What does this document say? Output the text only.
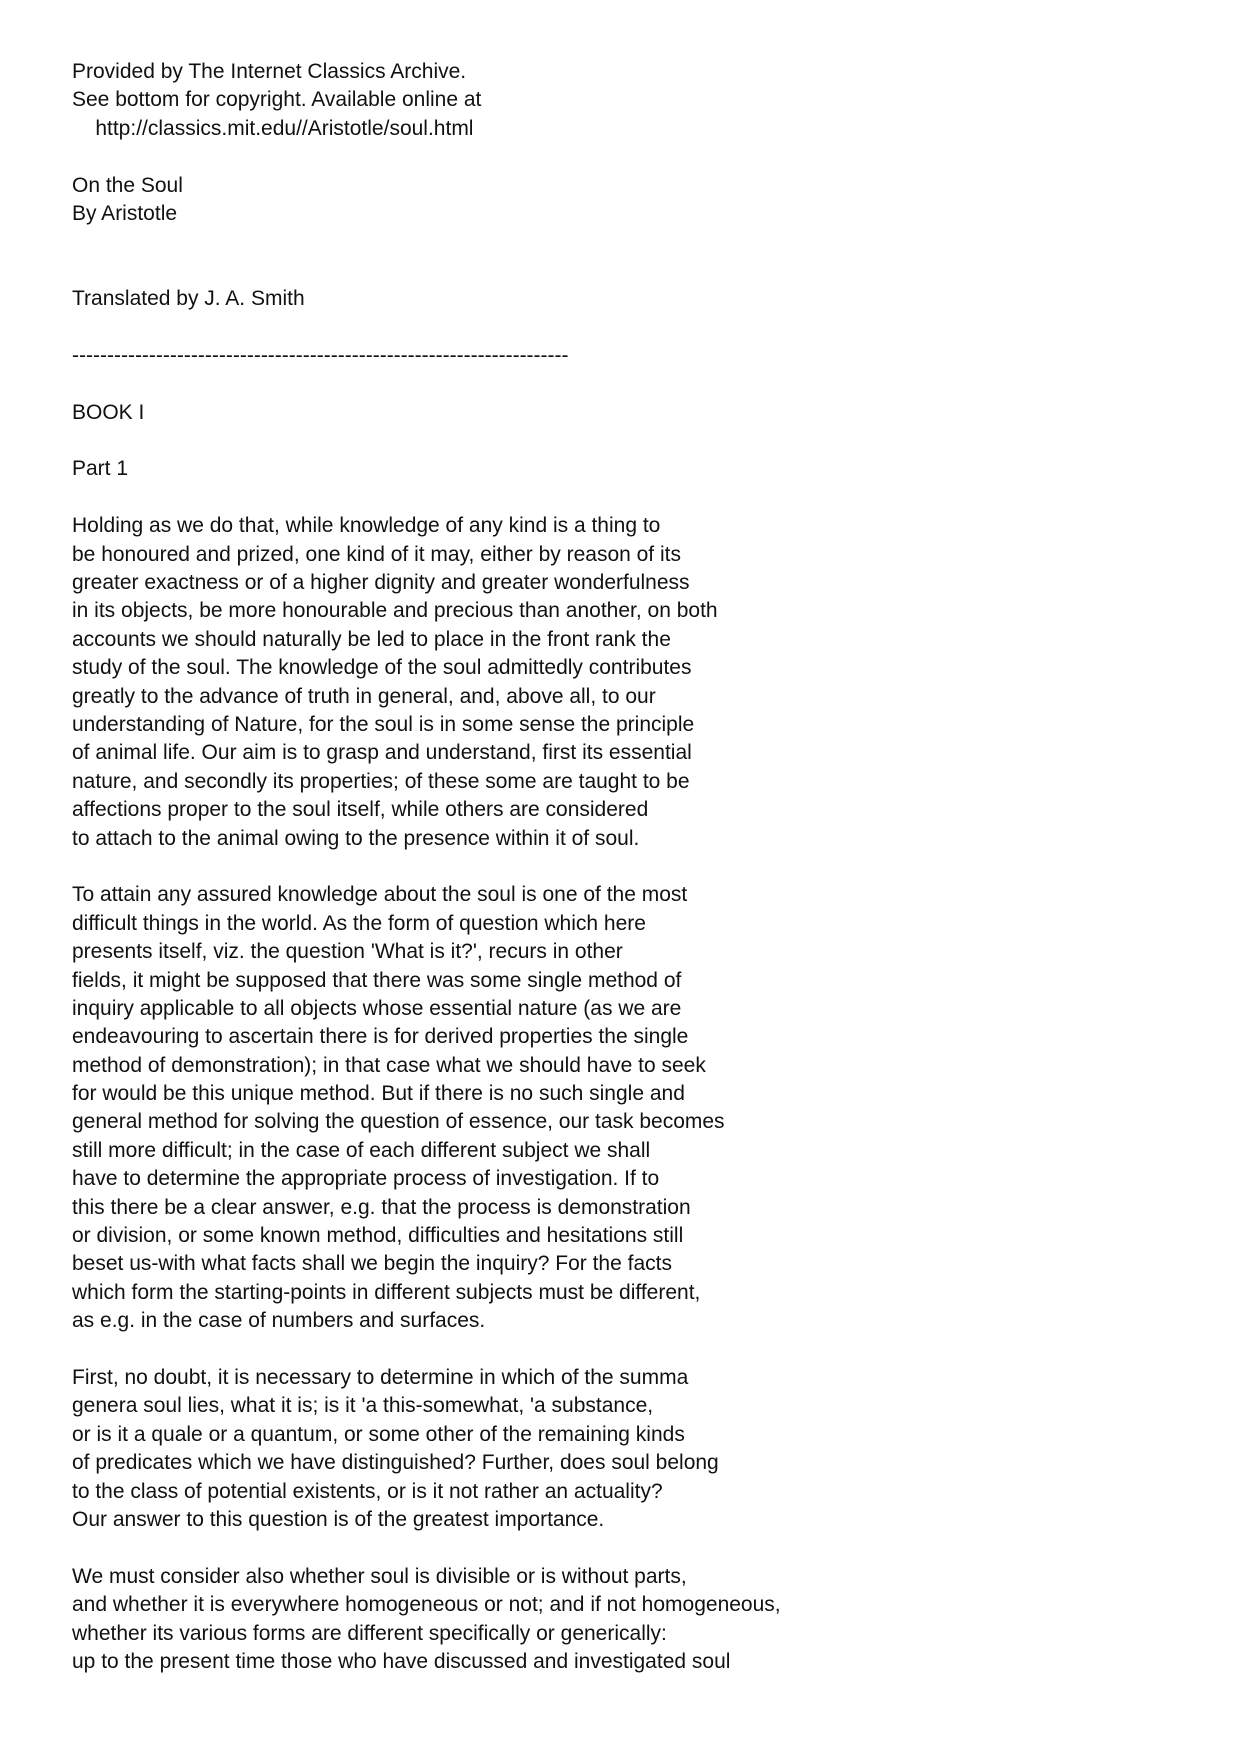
Provided by The Internet Classics Archive.
See bottom for copyright. Available online at
http://classics.mit.edu//Aristotle/soul.html
On the Soul
By Aristotle
Translated by J. A. Smith
-----------------------------------------------------------------------
BOOK I
Part 1
Holding as we do that, while knowledge of any kind is a thing to
be honoured and prized, one kind of it may, either by reason of its
greater exactness or of a higher dignity and greater wonderfulness
in its objects, be more honourable and precious than another, on both
accounts we should naturally be led to place in the front rank the
study of the soul. The knowledge of the soul admittedly contributes
greatly to the advance of truth in general, and, above all, to our
understanding of Nature, for the soul is in some sense the principle
of animal life. Our aim is to grasp and understand, first its essential
nature, and secondly its properties; of these some are taught to be
affections proper to the soul itself, while others are considered
to attach to the animal owing to the presence within it of soul.
To attain any assured knowledge about the soul is one of the most
difficult things in the world. As the form of question which here
presents itself, viz. the question 'What is it?', recurs in other
fields, it might be supposed that there was some single method of
inquiry applicable to all objects whose essential nature (as we are
endeavouring to ascertain there is for derived properties the single
method of demonstration); in that case what we should have to seek
for would be this unique method. But if there is no such single and
general method for solving the question of essence, our task becomes
still more difficult; in the case of each different subject we shall
have to determine the appropriate process of investigation. If to
this there be a clear answer, e.g. that the process is demonstration
or division, or some known method, difficulties and hesitations still
beset us-with what facts shall we begin the inquiry? For the facts
which form the starting-points in different subjects must be different,
as e.g. in the case of numbers and surfaces.
First, no doubt, it is necessary to determine in which of the summa
genera soul lies, what it is; is it 'a this-somewhat, 'a substance,
or is it a quale or a quantum, or some other of the remaining kinds
of predicates which we have distinguished? Further, does soul belong
to the class of potential existents, or is it not rather an actuality?
Our answer to this question is of the greatest importance.
We must consider also whether soul is divisible or is without parts,
and whether it is everywhere homogeneous or not; and if not homogeneous,
whether its various forms are different specifically or generically:
up to the present time those who have discussed and investigated soul
